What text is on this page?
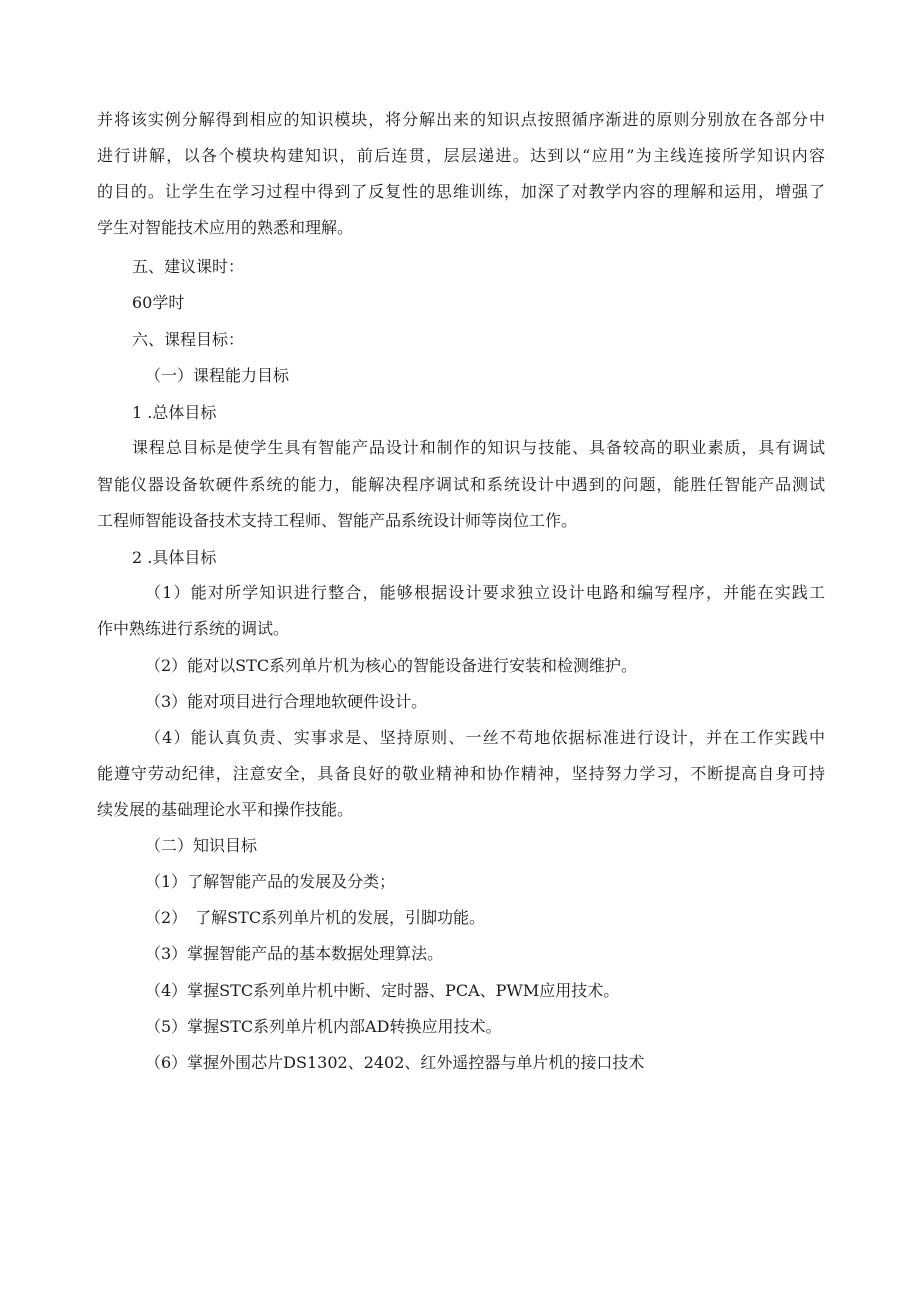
并将该实例分解得到相应的知识模块，将分解出来的知识点按照循序渐进的原则分别放在各部分中
进行讲解，以各个模块构建知识，前后连贯，层层递进。达到以“应用”为主线连接所学知识内容
的目的。让学生在学习过程中得到了反复性的思维训练，加深了对教学内容的理解和运用，增强了
学生对智能技术应用的熟悉和理解。
五、建议课时：
60学时
六、课程目标：
（一）课程能力目标
1 .总体目标
课程总目标是使学生具有智能产品设计和制作的知识与技能、具备较高的职业素质，具有调试
智能仪器设备软硬件系统的能力，能解决程序调试和系统设计中遇到的问题，能胜任智能产品测试
工程师智能设备技术支持工程师、智能产品系统设计师等岗位工作。
2 .具体目标
（1）能对所学知识进行整合，能够根据设计要求独立设计电路和编写程序，并能在实践工
作中熟练进行系统的调试。
（2）能对以STC系列单片机为核心的智能设备进行安装和检测维护。
（3）能对项目进行合理地软硬件设计。
（4）能认真负责、实事求是、坚持原则、一丝不苟地依据标准进行设计，并在工作实践中
能遵守劳动纪律，注意安全，具备良好的敬业精神和协作精神，坚持努力学习，不断提高自身可持
续发展的基础理论水平和操作技能。
（二）知识目标
（1）了解智能产品的发展及分类；
（2）　了解STC系列单片机的发展，引脚功能。
（3）掌握智能产品的基本数据处理算法。
（4）掌握STC系列单片机中断、定时器、PCA、PWM应用技术。
（5）掌握STC系列单片机内部AD转换应用技术。
（6）掌握外围芯片DS1302、2402、红外遥控器与单片机的接口技术
